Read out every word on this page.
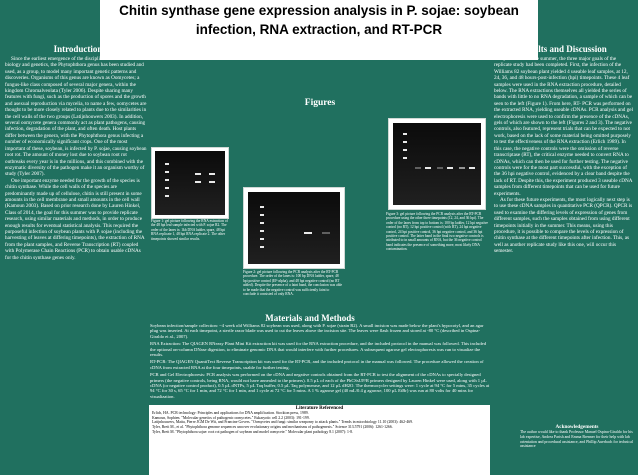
Chitin synthase gene expression analysis in P. sojae: soybean
infection, RNA extraction, and RT-PCR
Brandon Ross
Introduction

Since the earliest emergence of the disciplines of molecular biology and genetics, the Phytophthora genus has been studied and used, as a group, to model many important genetic patterns and discoveries. Organisms of this genus are known as Oomycetes; a fungus-like class composed of several major genera, within the kingdom Chromalveolata (Tyler 2006). Despite sharing many features with fungi, such as the production of spores and the growth and asexual reproduction via mycelia, to name a few, oomycetes are thought to be more closely related to plants due to the similarities in the cell walls of the two groups (Latijnhouwers 2003). In addition, several oomycete genera commonly act as plant pathogens, causing infection, degradation of the plant, and often death. Host plants differ between the genera, with the Phytophthora genus infecting a number of economically significant crops. One of the most important of these, soybean, is infected by P. sojae, causing soybean root rot. The amount of money lost due to soybean root rot outbreaks every year is in the millions, and this combined with the enzymatic diversity of the pathogen make it an organism worthy of study (Tyler 2007).

One important enzyme needed for the growth of the species is chitin synthase. While the cell walls of the species are predominantly made up of cellulose, chitin is still present in some amounts in the cell membrane and small amounts in the cell wall (Kamoun 2003). Based on prior research done by Lauren Hinkel, Class of 2014, the goal for this summer was to provide replicate research, using similar materials and methods, in order to produce enough results for eventual statistical analysis. This required the purposeful infection of soybean plants with P. sojae (including the harvesting of leaves at differing timepoints), the extraction of RNA from the plant samples, and Reverse Transcription (RT) coupled with Polymerase Chain Reactions (PCR) to obtain usable cDNAs for the chitin synthase genes only.

Figures
Figure 1: gel picture following the RNA extraction of the 48 hpi leaf sample infected with P. sojae R2. The order of the lanes is: 1kb DNA ladder, spare, 48 hpi RNA replicate 1, 48 hpi RNA replicate 2. The other timepoints showed similar results.
Figure 2: gel picture following the PCR analysis after the RT-PCR procedure. The order of the lanes is: 100 bp DNA ladder, spare, 48 hpi positive control (EF-alpha), and 48 hpi negative control (no RT added). Despite the presence of a faint band, the conclusion was able to be made that the negative control was sufficiently faint to conclude it consisted of only RNA.
Figure 3: gel picture following the PCR analysis after the RT-PCR procedure using the other three timepoints (12, 24, and 36 hpi). The order of the lanes from top to bottom is: 100 bp ladder, 12 hpi negative control (no RT), 12 hpi positive control (with RT), 24 hpi negative control, 24 hpi positive control, 36 hpi negative control, and 36 hpi positive control. The latter band in the final two negative controls is attributed to in small amounts of RNA, but the 36 negative control band indicates the presence of something more, most likely DNA contamination.
Materials and Methods
Soybean infection/sample collection: ~4 week old Williams 82 soybean was used, along with P. sojae (strain R2). A small incision was made below the plant's hypocotyl, and an agar plug was inserted. At each timepoint, a sterile razor blade was used to cut the leaves above the incision site. The leaves were flash frozen and stored at -80 °C (described in Ospina-Giraldo et al., 2007).
RNA Extraction: The QIAGEN RNeasy Plant Mini Kit extraction kit was used for the RNA extraction procedure, and the included protocol in the manual was followed. This included the optional on-column DNase digestion, to eliminate genomic DNA that would interfere with further procedures. A subsequent agarose gel electrophoresis was run to visualize the results.
RT-PCR: The QIAGEN QuantiTect Reverse Transcription kit was used for the RT-PCR, and the included protocol in the manual was followed. The procedure allowed the creation of cDNA from extracted RNA at the four timepoints, usable for further testing.
PCR and Gel Electrophoresis: PCR analysis was performed on the cDNA and negative controls obtained from the RT-PCR to test the alignment of the cDNAs to specially designed primers (the negative controls, being RNA, would not have annealed to the primers). 0.5 µL of each of the PhCSsUP/R primers designed by Lauren Hinkel were used, along with 1 µL cDNA (or negative control product), 0.5 µL dNTPs, 5 µL Taq buffer, 0.5 µL Taq polymerase, and 12 µL dH2O. The thermocycler settings were: 1 cycle at 94 °C for 5 mins, 35 cycles at 94 °C for 30 s, 65 °C for 1 min, and 72 °C for 1 min, and 1 cycle at 72 °C for 5 mins. A 1 % agarose gel (40 mL/0.4 g agarose, 100 µL EtBr) was run at 80 volts for 40 mins for visualization.
Literature Referenced
Erlich, HA. PCR technology: Principles and applications for DNA amplification. Stockton press, 1989.
Kamoun, Sophien. "Molecular genetics of pathogenic oomycetes." Eukaryotic cell 2.2 (2003): 191-199.
Latijnhouwers, Maita, Pierre JGM De Wit, and Francine Govers. "Oomycetes and fungi: similar weaponry to attack plants." Trends in microbiology 11.10 (2003): 462-469.
Tyler, Brett M., et al. "Phytophthora genome sequences uncover evolutionary origins and mechanisms of pathogenesis." Science 313.5791 (2006): 1261-1266.
Tyler, Brett M. "Phytophthora sojae: root rot pathogen of soybean and model oomycete." Molecular plant pathology 8.1 (2007): 1-8.
Results and Discussion

By the close of the summer, the three major goals of the replicate study had been completed. First, the infection of the Williams 82 soybean plant yielded 4 useable leaf samples, at 12, 24, 36, and 48 hours-post-infection (hpi) timepoints. These 4 leaf samples were used in the RNA extraction procedure, detailed below. The RNA extractions themselves all yielded the series of bands with little to no RNA degradation, a sample of which can be seen to the left (Figure 1). From here, RT- PCR was performed on the extracted RNA, yielding useable cDNAs. PCR analysis and gel electrophoresis were used to confirm the presence of the cDNAs, gels of which are shown to the left (Figures 2 and 3). The negative controls, also featured, represent trials that can be expected to not work, based on the lack of some material being omitted purposely to test the effectiveness of the RNA extraction (Erlich 1989). In this case, the negative controls were the omission of reverse transcriptase (RT), the critical enzyme needed to convert RNA to cDNAs, which can then be used for further testing. The negative controls were for the most part successful, with the exception of the 36 hpi negative control, evidenced by a clear band despite the lack of RT. Despite this, the experiment produced 3 useable cDNA samples from different timepoints that can be used for future experiments.

As for these future experiments, the most logically next step is to use these cDNA samples in quantitative PCR (QPCR). QPCR is used to examine the differing levels of expression of genes from different samples, such the samples obtained from using different timepoints initially in the summer. This means, using this procedure, it is possible to compare the levels of expression of chitin synthase at the different timepoints after infection. This, as well as another replicate study like this one, will occur this semester.

Acknowledgements
The author would like to thank Professor Manuel Ospina-Giraldo for his lab expertise, Andrea Parish and Emma Brenner for their help with lab orientation and procedural assistance, and Phillip Auerbach for technical assistance
